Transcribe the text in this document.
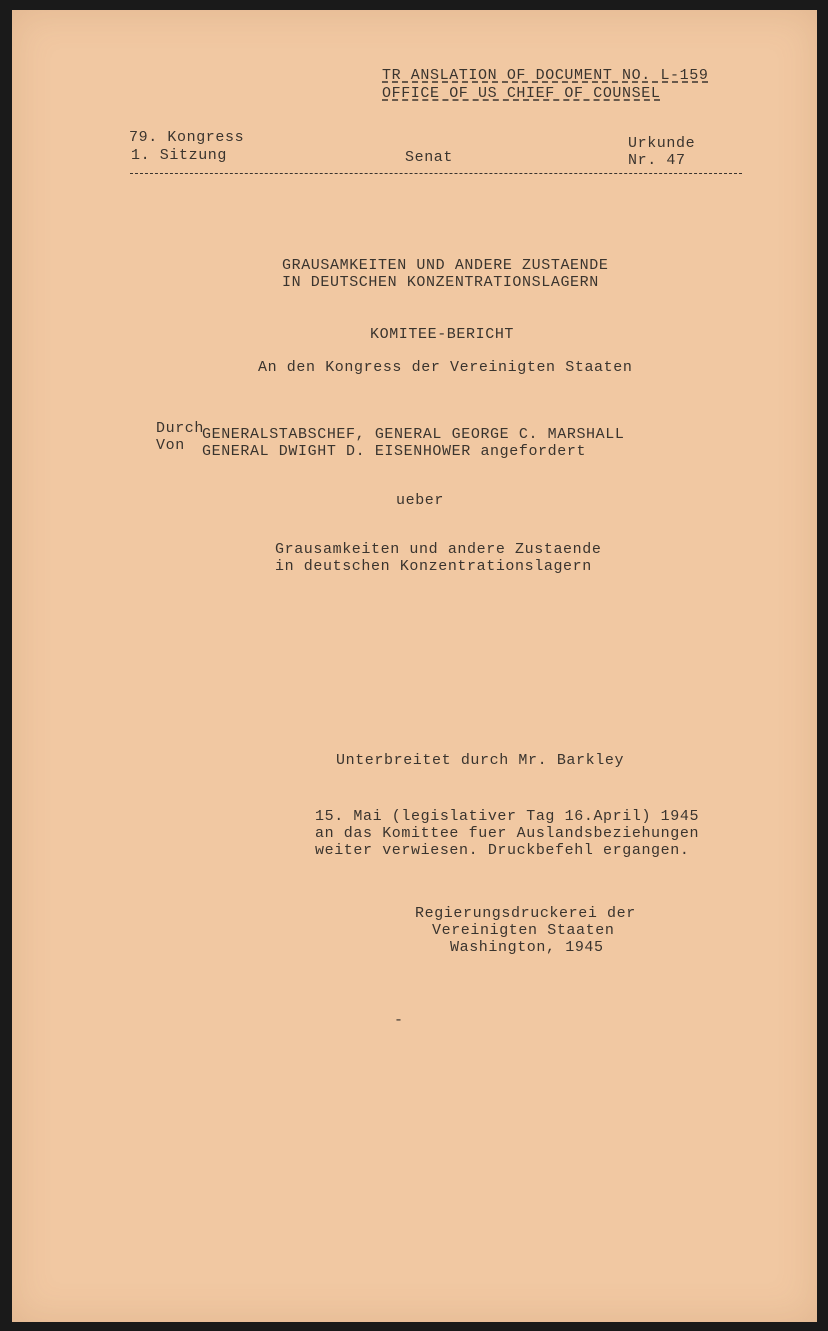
TR ANSLATION OF DOCUMENT NO. L-159
OFFICE OF US CHIEF OF COUNSEL
79. Kongress
1. Sitzung	Senat
Urkunde
Nr. 47
GRAUSAMKEITEN UND ANDERE ZUSTAENDE
IN DEUTSCHEN KONZENTRATIONSLAGERN
KOMITEE-BERICHT
An den Kongress der Vereinigten Staaten
Durch
GENERALSTABSCHEF, GENERAL GEORGE C. MARSHALL
Von GENERAL DWIGHT D. EISENHOWER angefordert
ueber
Grausamkeiten und andere Zustaende
in deutschen Konzentrationslagern
Unterbreitet durch Mr. Barkley
15. Mai (legislativer Tag 16.April) 1945
an das Komittee fuer Auslandsbeziehungen
weiter verwiesen. Druckbefehl ergangen.
Regierungsdruckerei der
Vereinigten Staaten
Washington, 1945
-
